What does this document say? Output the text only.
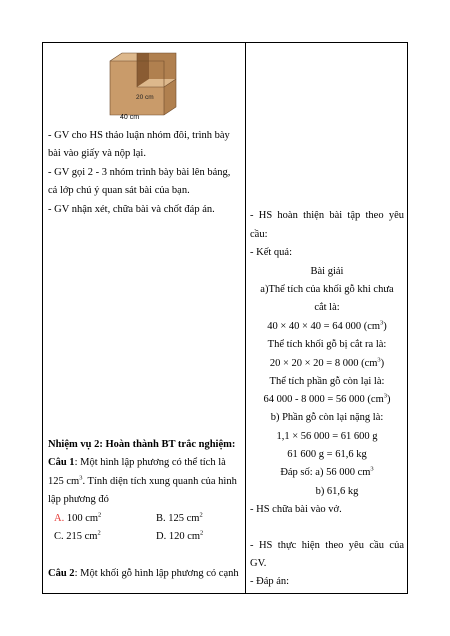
20 cm
40 cm
- GV cho HS thảo luận nhóm đôi, trình bày
bài vào giấy và nộp lại.
- GV gọi 2 - 3 nhóm trình bày bài lên bảng,
cả lớp chú ý quan sát bài của bạn.
- GV nhận xét, chữa bài và chốt đáp án.
Nhiệm vụ 2: Hoàn thành BT trắc nghiệm:
Câu 1: Một hình lập phương có thể tích là
125 $cm^3$. Tính diện tích xung quanh của hình
lập phương đó
A. 100 $cm^2$	B. 125 $cm^2$
C. 215 $cm^2$	D. 120 $cm^2$
Câu 2: Một khối gỗ hình lập phương có cạnh
- HS hoàn thiện bài tập theo yêu
cầu:
- Kết quả:
Bài giải
a)Thể tích của khối gỗ khi chưa
cắt là:
40 × 40 × 40 = 64 000 $(cm^3)$
Thể tích khối gỗ bị cắt ra là:
20 × 20 × 20 = 8 000 $(cm^3)$
Thể tích phần gỗ còn lại là:
64 000 - 8 000 = 56 000 $(cm^3)$
b) Phần gỗ còn lại nặng là:
1,1 × 56 000 = 61 600 g
61 600 g = 61,6 kg
Đáp số: a) 56 000 $cm^3$
b) 61,6 kg
- HS chữa bài vào vở.
- HS thực hiện theo yêu cầu của
GV.
- Đáp án:
